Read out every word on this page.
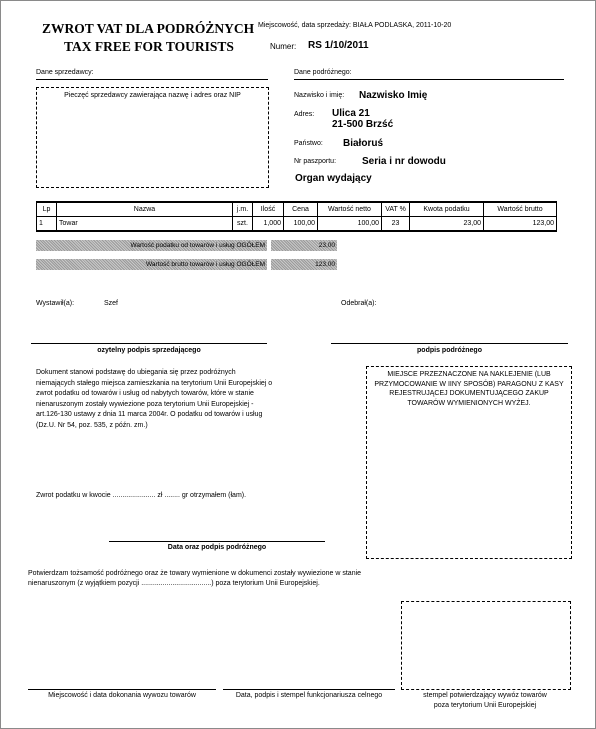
ZWROT VAT DLA PODRÓŻNYCH
TAX FREE FOR TOURISTS
Miejscowość, data sprzedaży: BIAŁA PODLASKA, 2011-10-20
Numer: RS 1/10/2011
Dane sprzedawcy:
Pieczęć sprzedawcy zawierająca nazwę i adres oraz NIP
Dane podróżnego:
Nazwisko i imię: Nazwisko Imię
Adres: Ulica 21
21-500 Brzść
Państwo: Białoruś
Nr paszportu:	Seria i nr dowodu
Organ wydający
Lp	Nazwa	j.m.	Ilość	Cena	Wartość netto	VAT %	Kwota podatku	Wartość brutto
1	Towar	szt.	1,000	100,00	100,00	23	23,00	123,00
Wartość podatku od towarów i usług OGÓŁEM	23,00
Wartość brutto towarów i usług OGÓŁEM	123,00
Wystawił(a):	Szef	Odebrał(a):
ozytelny podpis sprzedającego	podpis podróżnego
Dokument stanowi podstawę do ubiegania się przez podróżnych niemających stałego miejsca zamieszkania na terytorium Unii Europejskiej o zwrot podatku od towarów i usług od nabytych towarów, które w stanie nienaruszonym zostały wywiezione poza terytorium Unii Europejskiej - art.126-130 ustawy z dnia 11 marca 2004r. O podatku od towarów i usług (Dz.U. Nr 54, poz. 535, z późn. zm.)
MIEJSCE PRZEZNACZONE NA NAKLEJENIE (LUB PRZYMOCOWANIE W IINY SPOSÓB) PARAGONU Z KASY REJESTRUJĄCEJ DOKUMENTUJĄCEGO ZAKUP TOWARÓW WYMIENIONYCH WYŻEJ.
Zwrot podatku w kwocie ...................... zł ........ gr otrzymałem (łam).
Data oraz podpis podróżnego
Potwierdzam tożsamość podróżnego oraz że towary wymienione w dokumenci zostały wywiezione w stanie nienaruszonym (z wyjątkiem pozycji ....................................) poza terytorium Unii Europejskiej.
Miejscowość i data dokonania wywozu towarów	Data, podpis i stempel funkcjonariusza celnego	stempel potwierdzający wywóz towarów
poza terytorium Unii Europejskiej
